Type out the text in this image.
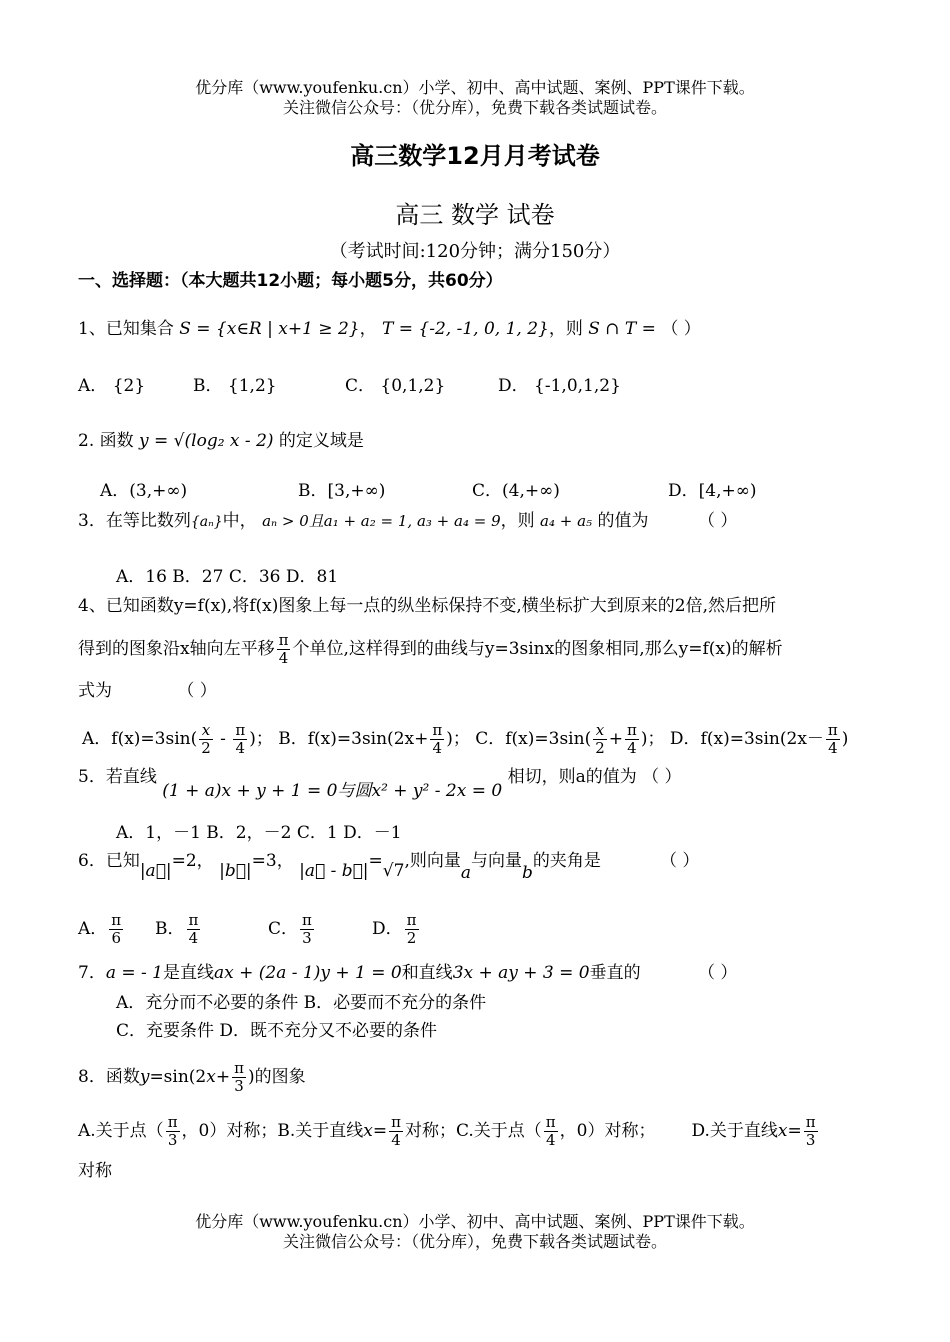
优分库（www.youfenku.cn）小学、初中、高中试题、案例、PPT课件下载。
关注微信公众号：（优分库），免费下载各类试题试卷。
高三数学12月月考试卷
高三 数学 试卷
（考试时间:120分钟；满分150分）
一、选择题：（本大题共12小题；每小题5分，共60分）
1、已知集合 S = {x∈R | x+1 ≥ 2}， T = {-2, -1, 0, 1, 2}，则 S ∩ T = （ ）
A． {2}	B． {1,2}	C． {0,1,2}	D． {-1,0,1,2}
2. 函数 y = √(log₂ x - 2) 的定义域是
A．(3,+∞)	B．[3,+∞)	C．(4,+∞)	D．[4,+∞)
3．在等比数列{aₙ}中， aₙ > 0且a₁ + a₂ = 1, a₃ + a₄ = 9，则 a₄ + a₅ 的值为	（ ）
A．16 B．27 C．36 D．81
4、已知函数y=f(x),将f(x)图象上每一点的纵坐标保持不变,横坐标扩大到原来的2倍,然后把所
得到的图象沿x轴向左平移 $\frac{\pi}{4}$ 个单位,这样得到的曲线与y=3sinx的图象相同,那么y=f(x)的解析
式为	（ ）
A．$f(x)=3\sin( \frac{x}{2} - \frac{\pi}{4}$ )； B．$f(x)=3\sin(2x+ \frac{\pi}{4}$ )； C．$f(x)=3\sin( \frac{x}{2} + \frac{\pi}{4}$ )； D．$f(x)=3\sin(2x- \frac{\pi}{4}$ )
5．若直线 (1 + a)x + y + 1 = 0与圆x² + y² - 2x = 0 相切，则a的值为 （ ）
A．1，－1 B．2，－2 C．1 D．－1
6．已知|a⃗|=2， |b⃗|=3， |a⃗ - b⃗|=√7,则向量a与向量b的夹角是	（ ）
A． $\frac{\pi}{6}$ B． $\frac{\pi}{4}$	C． $\frac{\pi}{3}$	D． $\frac{\pi}{2}$
7．a = - 1是直线ax + (2a - 1)y + 1 = 0和直线3x + ay + 3 = 0垂直的	（ ）
A．充分而不必要的条件 B．必要而不充分的条件
C．充要条件 D．既不充分又不必要的条件
8．函数$y=\sin(2x+ \frac{\pi}{3}$ )的图象
A.关于点（ $\frac{\pi}{3}$ ，0）对称；B.关于直线$x= \frac{\pi}{4}$ 对称；C.关于点（ $\frac{\pi}{4}$ ，0）对称； D.关于直线$x= \frac{\pi}{3}$
对称
优分库（www.youfenku.cn）小学、初中、高中试题、案例、PPT课件下载。
关注微信公众号：（优分库），免费下载各类试题试卷。
